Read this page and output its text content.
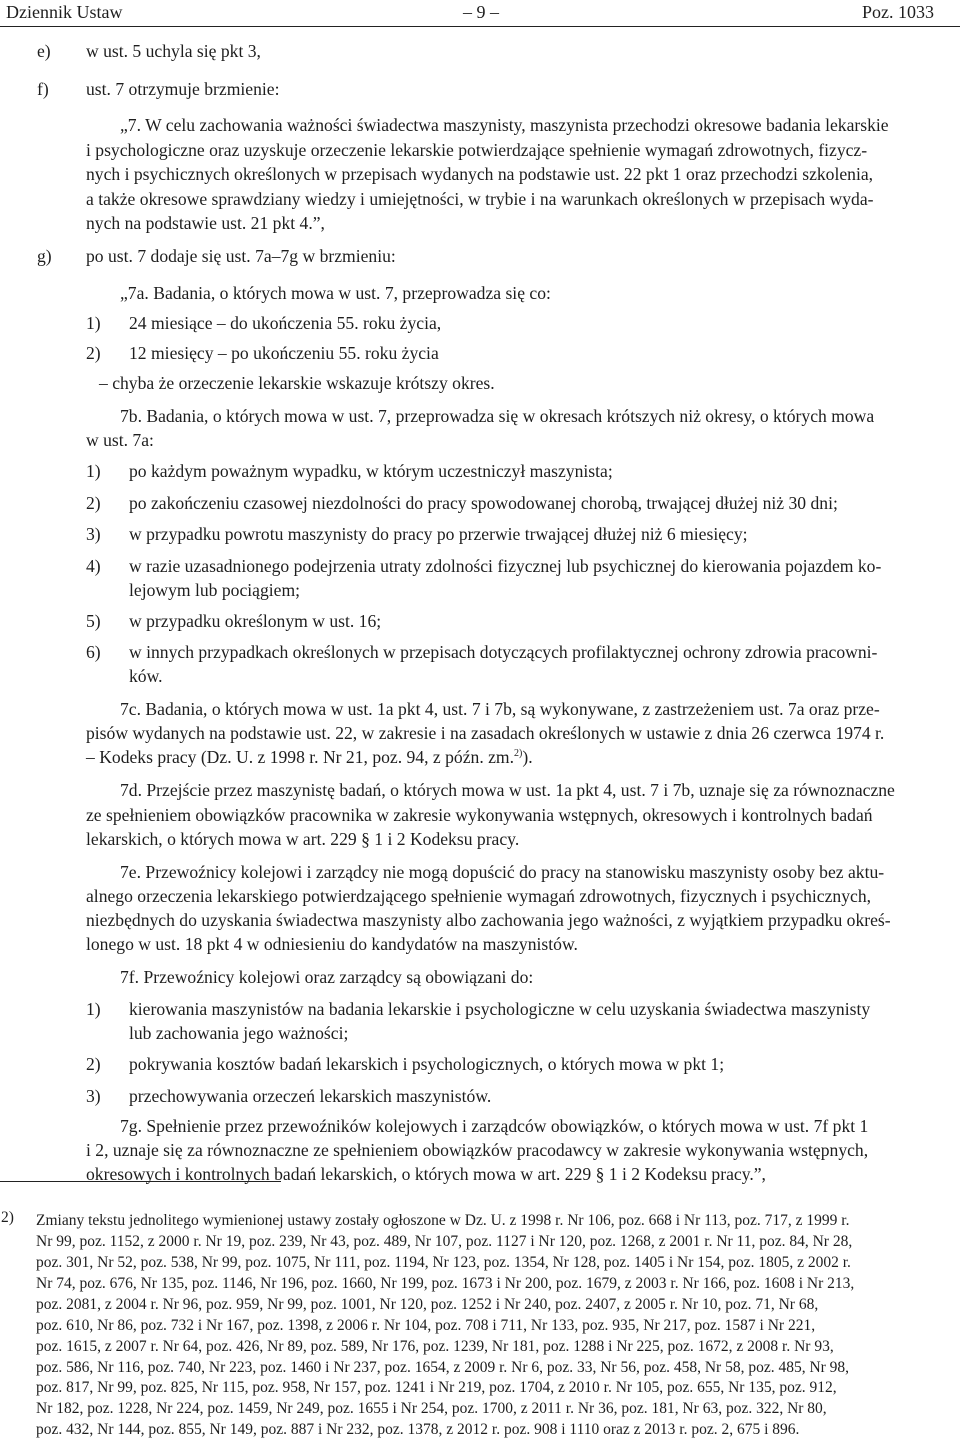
Dziennik Ustaw	– 9 –	Poz. 1033
e) w ust. 5 uchyla się pkt 3,
f) ust. 7 otrzymuje brzmienie:
„7. W celu zachowania ważności świadectwa maszynisty, maszynista przechodzi okresowe badania lekarskie
i psychologiczne oraz uzyskuje orzeczenie lekarskie potwierdzające spełnienie wymagań zdrowotnych, fizycz-
nych i psychicznych określonych w przepisach wydanych na podstawie ust. 22 pkt 1 oraz przechodzi szkolenia,
a także okresowe sprawdziany wiedzy i umiejętności, w trybie i na warunkach określonych w przepisach wyda-
nych na podstawie ust. 21 pkt 4.”,
g) po ust. 7 dodaje się ust. 7a–7g w brzmieniu:
„7a. Badania, o których mowa w ust. 7, przeprowadza się co:
1) 24 miesiące – do ukończenia 55. roku życia,
2) 12 miesięcy – po ukończeniu 55. roku życia
– chyba że orzeczenie lekarskie wskazuje krótszy okres.
7b. Badania, o których mowa w ust. 7, przeprowadza się w okresach krótszych niż okresy, o których mowa
w ust. 7a:
1) po każdym poważnym wypadku, w którym uczestniczył maszynista;
2) po zakończeniu czasowej niezdolności do pracy spowodowanej chorobą, trwającej dłużej niż 30 dni;
3) w przypadku powrotu maszynisty do pracy po przerwie trwającej dłużej niż 6 miesięcy;
4) w razie uzasadnionego podejrzenia utraty zdolności fizycznej lub psychicznej do kierowania pojazdem ko-
lejowym lub pociągiem;
5) w przypadku określonym w ust. 16;
6) w innych przypadkach określonych w przepisach dotyczących profilaktycznej ochrony zdrowia pracowni-
ków.
7c. Badania, o których mowa w ust. 1a pkt 4, ust. 7 i 7b, są wykonywane, z zastrzeżeniem ust. 7a oraz prze-
pisów wydanych na podstawie ust. 22, w zakresie i na zasadach określonych w ustawie z dnia 26 czerwca 1974 r.
– Kodeks pracy (Dz. U. z 1998 r. Nr 21, poz. 94, z późn. zm.$^{2)}$).
7d. Przejście przez maszynistę badań, o których mowa w ust. 1a pkt 4, ust. 7 i 7b, uznaje się za równoznaczne
ze spełnieniem obowiązków pracownika w zakresie wykonywania wstępnych, okresowych i kontrolnych badań
lekarskich, o których mowa w art. 229 § 1 i 2 Kodeksu pracy.
7e. Przewoźnicy kolejowi i zarządcy nie mogą dopuścić do pracy na stanowisku maszynisty osoby bez aktu-
alnego orzeczenia lekarskiego potwierdzającego spełnienie wymagań zdrowotnych, fizycznych i psychicznych,
niezbędnych do uzyskania świadectwa maszynisty albo zachowania jego ważności, z wyjątkiem przypadku okreś-
lonego w ust. 18 pkt 4 w odniesieniu do kandydatów na maszynistów.
7f. Przewoźnicy kolejowi oraz zarządcy są obowiązani do:
1) kierowania maszynistów na badania lekarskie i psychologiczne w celu uzyskania świadectwa maszynisty
lub zachowania jego ważności;
2) pokrywania kosztów badań lekarskich i psychologicznych, o których mowa w pkt 1;
3) przechowywania orzeczeń lekarskich maszynistów.
7g. Spełnienie przez przewoźników kolejowych i zarządców obowiązków, o których mowa w ust. 7f pkt 1
i 2, uznaje się za równoznaczne ze spełnieniem obowiązków pracodawcy w zakresie wykonywania wstępnych,
okresowych i kontrolnych badań lekarskich, o których mowa w art. 229 § 1 i 2 Kodeksu pracy.”,
2) Zmiany tekstu jednolitego wymienionej ustawy zostały ogłoszone w Dz. U. z 1998 r. Nr 106, poz. 668 i Nr 113, poz. 717, z 1999 r.
Nr 99, poz. 1152, z 2000 r. Nr 19, poz. 239, Nr 43, poz. 489, Nr 107, poz. 1127 i Nr 120, poz. 1268, z 2001 r. Nr 11, poz. 84, Nr 28,
poz. 301, Nr 52, poz. 538, Nr 99, poz. 1075, Nr 111, poz. 1194, Nr 123, poz. 1354, Nr 128, poz. 1405 i Nr 154, poz. 1805, z 2002 r.
Nr 74, poz. 676, Nr 135, poz. 1146, Nr 196, poz. 1660, Nr 199, poz. 1673 i Nr 200, poz. 1679, z 2003 r. Nr 166, poz. 1608 i Nr 213,
poz. 2081, z 2004 r. Nr 96, poz. 959, Nr 99, poz. 1001, Nr 120, poz. 1252 i Nr 240, poz. 2407, z 2005 r. Nr 10, poz. 71, Nr 68,
poz. 610, Nr 86, poz. 732 i Nr 167, poz. 1398, z 2006 r. Nr 104, poz. 708 i 711, Nr 133, poz. 935, Nr 217, poz. 1587 i Nr 221,
poz. 1615, z 2007 r. Nr 64, poz. 426, Nr 89, poz. 589, Nr 176, poz. 1239, Nr 181, poz. 1288 i Nr 225, poz. 1672, z 2008 r. Nr 93,
poz. 586, Nr 116, poz. 740, Nr 223, poz. 1460 i Nr 237, poz. 1654, z 2009 r. Nr 6, poz. 33, Nr 56, poz. 458, Nr 58, poz. 485, Nr 98,
poz. 817, Nr 99, poz. 825, Nr 115, poz. 958, Nr 157, poz. 1241 i Nr 219, poz. 1704, z 2010 r. Nr 105, poz. 655, Nr 135, poz. 912,
Nr 182, poz. 1228, Nr 224, poz. 1459, Nr 249, poz. 1655 i Nr 254, poz. 1700, z 2011 r. Nr 36, poz. 181, Nr 63, poz. 322, Nr 80,
poz. 432, Nr 144, poz. 855, Nr 149, poz. 887 i Nr 232, poz. 1378, z 2012 r. poz. 908 i 1110 oraz z 2013 r. poz. 2, 675 i 896.
